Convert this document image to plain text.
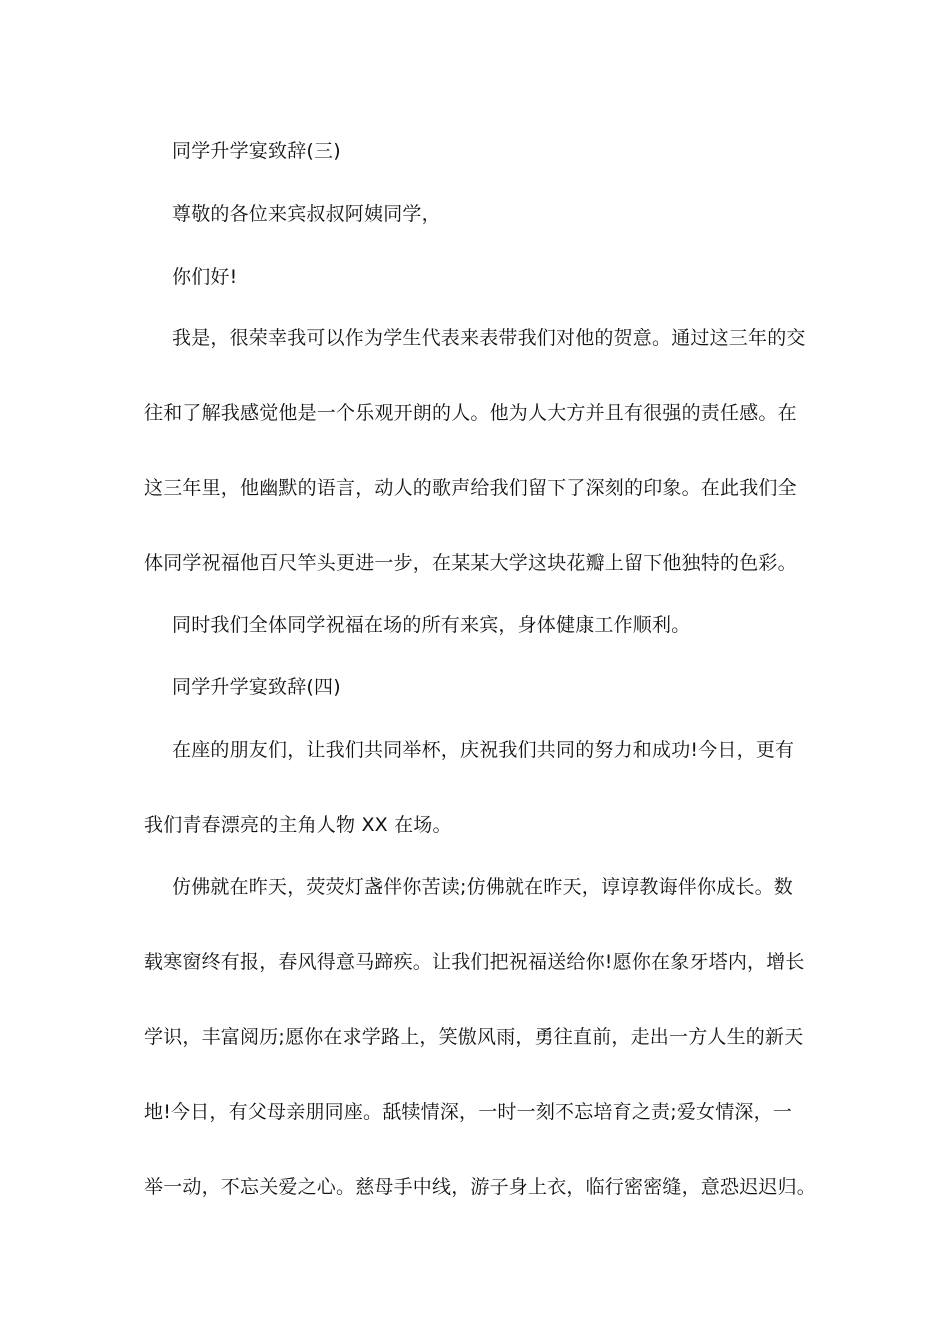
同学升学宴致辞(三)
尊敬的各位来宾叔叔阿姨同学，
你们好!
我是，很荣幸我可以作为学生代表来表带我们对他的贺意。通过这三年的交
往和了解我感觉他是一个乐观开朗的人。他为人大方并且有很强的责任感。在
这三年里，他幽默的语言，动人的歌声给我们留下了深刻的印象。在此我们全
体同学祝福他百尺竿头更进一步，在某某大学这块花瓣上留下他独特的色彩。
同时我们全体同学祝福在场的所有来宾，身体健康工作顺利。
同学升学宴致辞(四)
在座的朋友们，让我们共同举杯，庆祝我们共同的努力和成功!今日，更有
我们青春漂亮的主角人物 XX 在场。
仿佛就在昨天，荧荧灯盏伴你苦读;仿佛就在昨天，谆谆教诲伴你成长。数
载寒窗终有报，春风得意马蹄疾。让我们把祝福送给你!愿你在象牙塔内，增长
学识，丰富阅历;愿你在求学路上，笑傲风雨，勇往直前，走出一方人生的新天
地!今日，有父母亲朋同座。舐犊情深，一时一刻不忘培育之责;爱女情深，一
举一动，不忘关爱之心。慈母手中线，游子身上衣，临行密密缝，意恐迟迟归。
